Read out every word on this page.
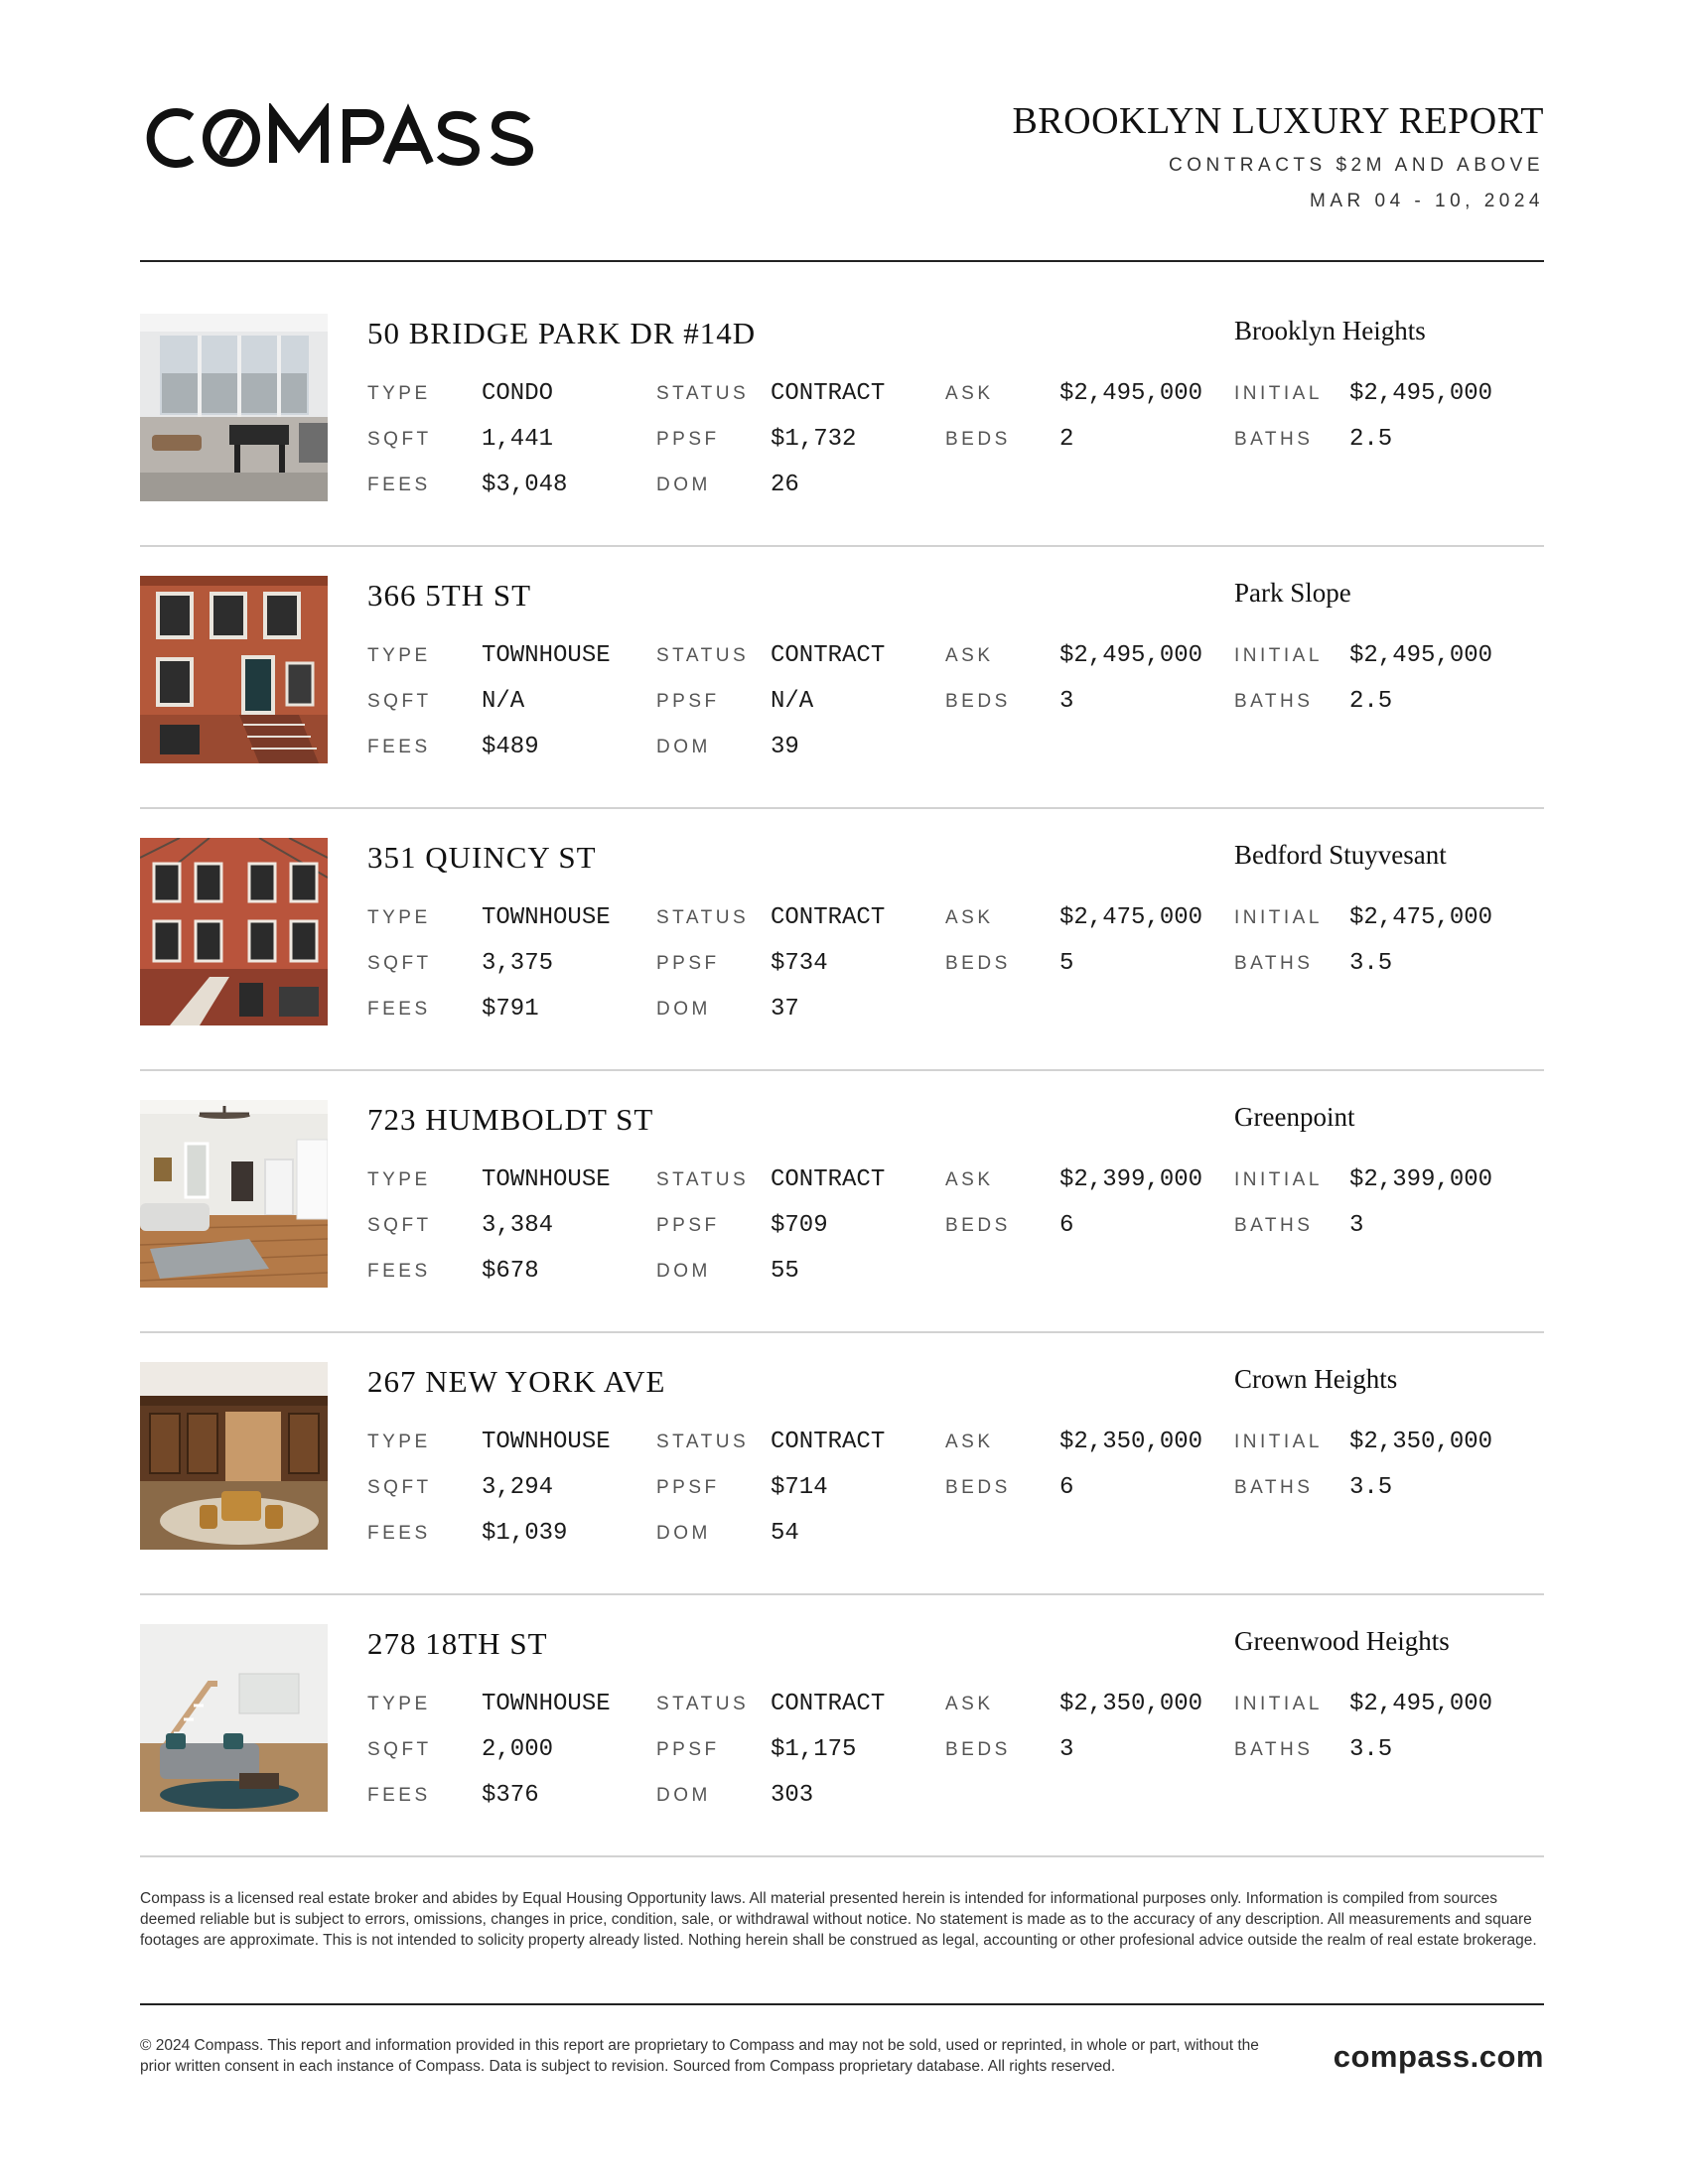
BROOKLYN LUXURY REPORT
CONTRACTS $2M AND ABOVE
MAR 04 - 10, 2024
50 BRIDGE PARK DR #14D	Brooklyn Heights
TYPE CONDO	STATUS CONTRACT	ASK	$2,495,000 INITIAL $2,495,000
SQFT 1,441	PPSF $1,732	BEDS 2	BATHS 2.5
FEES $3,048	DOM	26
366 5TH ST	Park Slope
TYPE TOWNHOUSE STATUS CONTRACT	ASK	$2,495,000 INITIAL $2,495,000
SQFT N/A	PPSF N/A	BEDS 3	BATHS 2.5
FEES $489	DOM	39
351 QUINCY ST	Bedford Stuyvesant
TYPE TOWNHOUSE STATUS CONTRACT	ASK	$2,475,000 INITIAL $2,475,000
SQFT 3,375	PPSF $734	BEDS 5	BATHS 3.5
FEES $791	DOM	37
723 HUMBOLDT ST	Greenpoint
TYPE TOWNHOUSE STATUS CONTRACT	ASK	$2,399,000 INITIAL $2,399,000
SQFT 3,384	PPSF $709	BEDS 6	BATHS 3
FEES $678	DOM	55
267 NEW YORK AVE	Crown Heights
TYPE TOWNHOUSE STATUS CONTRACT	ASK	$2,350,000 INITIAL $2,350,000
SQFT 3,294	PPSF $714	BEDS 6	BATHS 3.5
FEES $1,039	DOM	54
278 18TH ST	Greenwood Heights
TYPE TOWNHOUSE STATUS CONTRACT	ASK	$2,350,000 INITIAL $2,495,000
SQFT 2,000	PPSF $1,175	BEDS 3	BATHS 3.5
FEES $376	DOM	303
Compass is a licensed real estate broker and abides by Equal Housing Opportunity laws. All material presented herein is intended for informational purposes only. Information is compiled from sources deemed reliable but is subject to errors, omissions, changes in price, condition, sale, or withdrawal without notice. No statement is made as to the accuracy of any description. All measurements and square footages are approximate. This is not intended to solicity property already listed. Nothing herein shall be construed as legal, accounting or other profesional advice outside the realm of real estate brokerage.
© 2024 Compass. This report and information provided in this report are proprietary to Compass and may not be sold, used or reprinted, in whole or part, without the prior written consent in each instance of Compass. Data is subject to revision. Sourced from Compass proprietary database. All rights reserved.	compass.com
